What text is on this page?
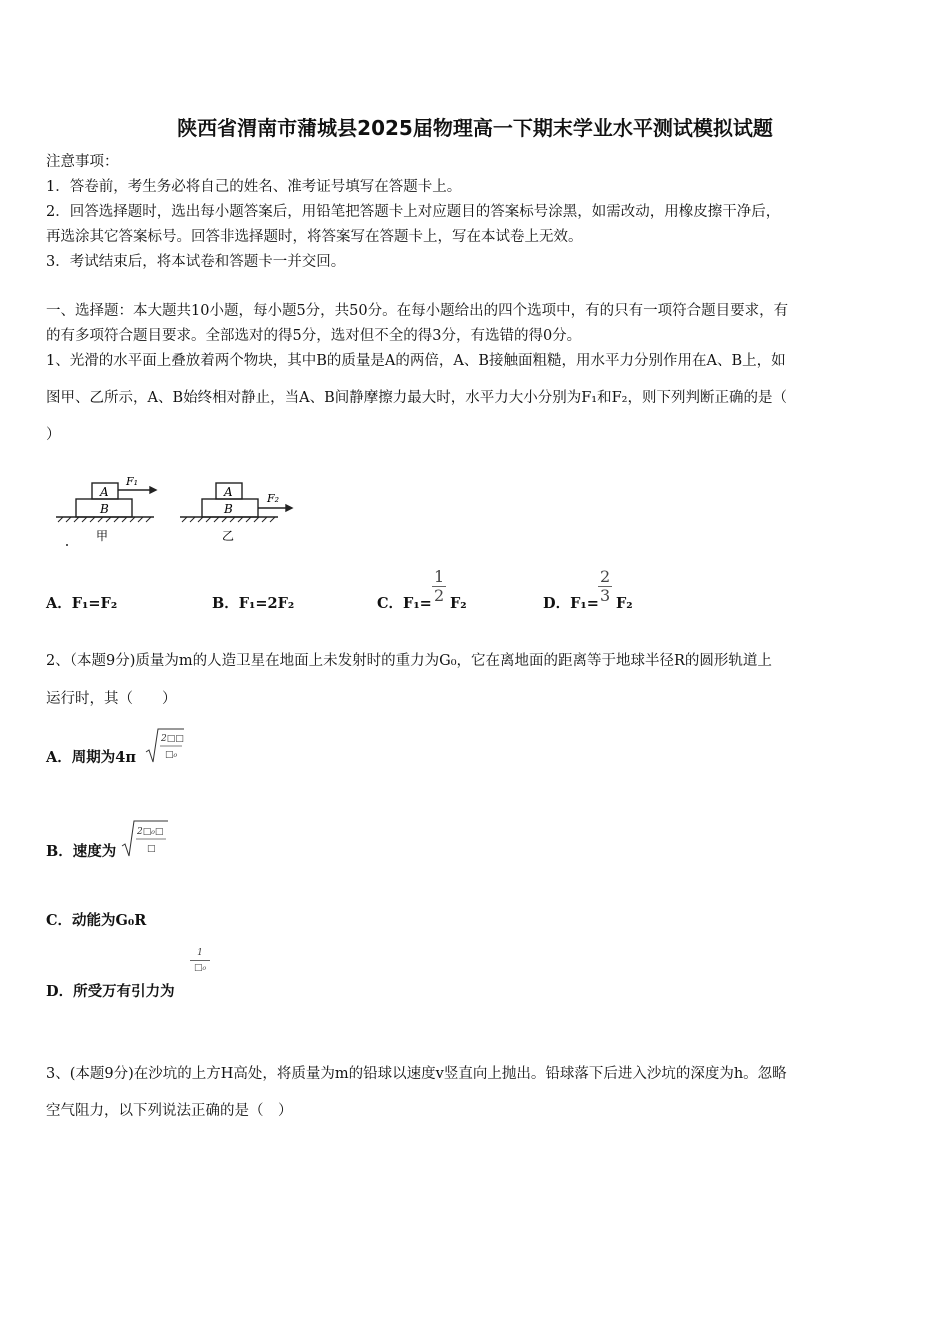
陕西省渭南市蒲城县2025届物理高一下期末学业水平测试模拟试题
注意事项：
1．答卷前，考生务必将自己的姓名、准考证号填写在答题卡上。
2．回答选择题时，选出每小题答案后，用铅笔把答题卡上对应题目的答案标号涂黑，如需改动，用橡皮擦干净后，
再选涂其它答案标号。回答非选择题时，将答案写在答题卡上，写在本试卷上无效。
3．考试结束后，将本试卷和答题卡一并交回。
一、选择题：本大题共10小题，每小题5分，共50分。在每小题给出的四个选项中，有的只有一项符合题目要求，有
的有多项符合题目要求。全部选对的得5分，选对但不全的得3分，有选错的得0分。
1、光滑的水平面上叠放着两个物块，其中B的质量是A的两倍，A、B接触面粗糙，用水平力分别作用在A、B上，如
图甲、乙所示，A、B始终相对静止，当A、B间静摩擦力最大时，水平力大小分别为F₁和F₂，则下列判断正确的是（
）
A
B
F₁
甲
A
B
F₂
乙
A．F₁=F₂	B．F₁=2F₂	C．$F_1= \frac{1}{2} F_2$	D．$F_1= \frac{2}{3} F_2$
2、（本题9分)质量为m的人造卫星在地面上未发射时的重力为G₀，它在离地面的距离等于地球半径R的圆形轨道上
运行时，其（　　）
A．周期为4π
2□□
□₀
B．速度为
2□₀□
□
C．动能为G₀R
D．所受万有引力为
1
□₀
3、(本题9分)在沙坑的上方H高处，将质量为m的铅球以速度v竖直向上抛出。铅球落下后进入沙坑的深度为h。忽略
空气阻力，以下列说法正确的是（　）
